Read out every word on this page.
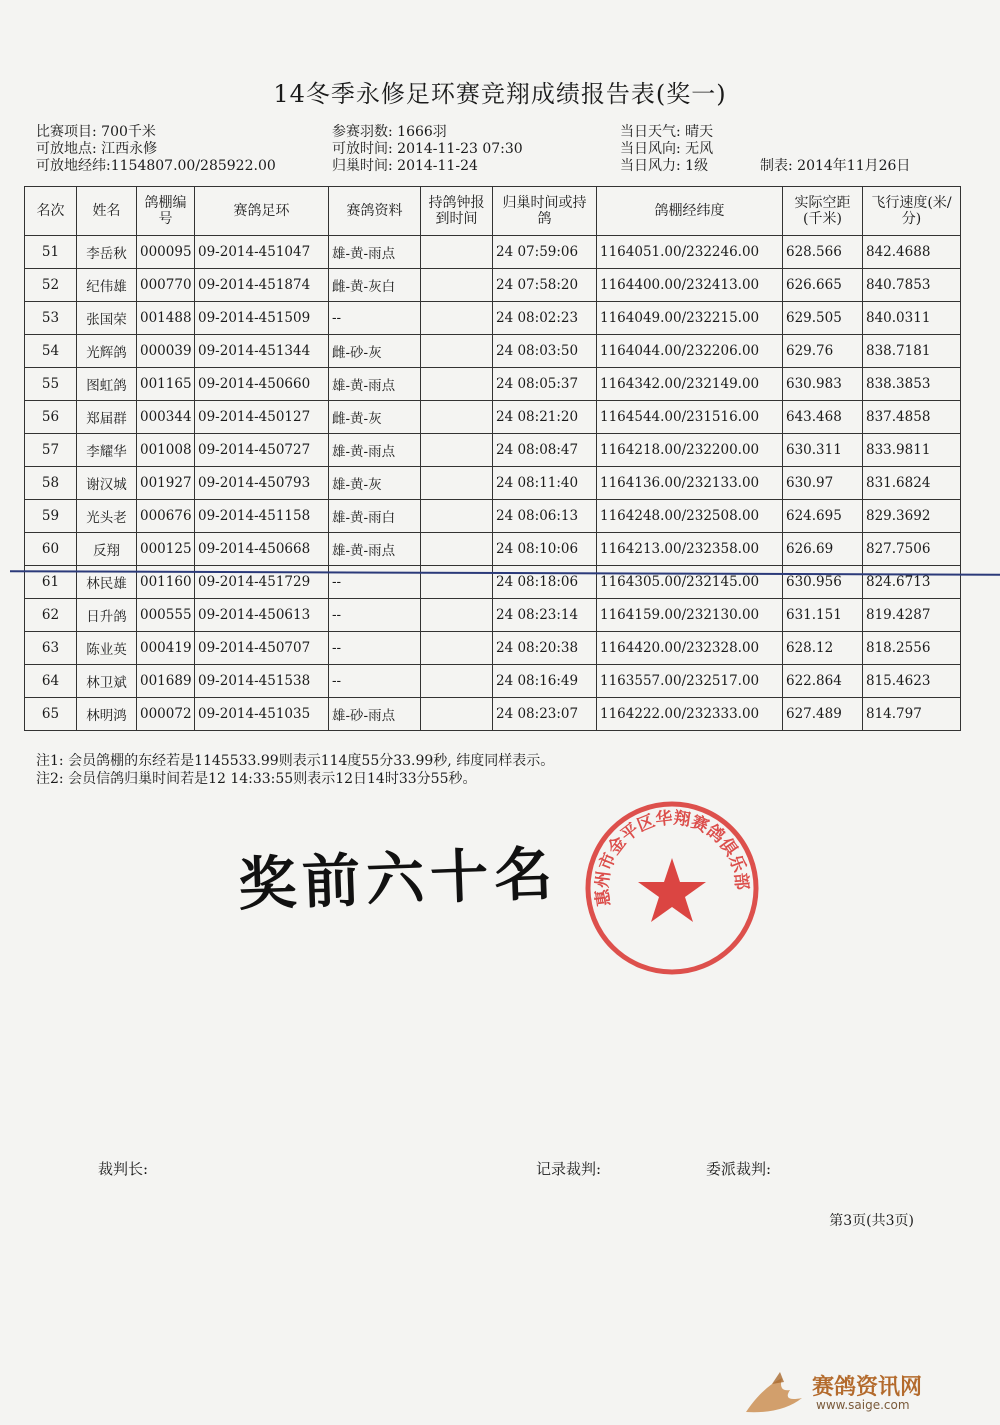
14冬季永修足环赛竞翔成绩报告表(奖一)
比赛项目: 700千米
可放地点: 江西永修
可放地经纬:1154807.00/285922.00
参赛羽数: 1666羽
可放时间: 2014-11-23 07:30
归巢时间: 2014-11-24
当日天气: 晴天
当日风向: 无风
当日风力: 1级	制表: 2014年11月26日
名次	姓名	鸽棚编号	赛鸽足环	赛鸽资料	持鸽钟报到时间	归巢时间或持鸽	鸽棚经纬度	实际空距(千米)	飞行速度(米/分)
51	李岳秋	000095	09-2014-451047	雄-黄-雨点		24 07:59:06	1164051.00/232246.00	628.566	842.4688
52	纪伟雄	000770	09-2014-451874	雌-黄-灰白		24 07:58:20	1164400.00/232413.00	626.665	840.7853
53	张国荣	001488	09-2014-451509	--		24 08:02:23	1164049.00/232215.00	629.505	840.0311
54	光辉鸽	000039	09-2014-451344	雌-砂-灰		24 08:03:50	1164044.00/232206.00	629.76	838.7181
55	图虹鸽	001165	09-2014-450660	雄-黄-雨点		24 08:05:37	1164342.00/232149.00	630.983	838.3853
56	郑届群	000344	09-2014-450127	雌-黄-灰		24 08:21:20	1164544.00/231516.00	643.468	837.4858
57	李耀华	001008	09-2014-450727	雄-黄-雨点		24 08:08:47	1164218.00/232200.00	630.311	833.9811
58	谢汉城	001927	09-2014-450793	雄-黄-灰		24 08:11:40	1164136.00/232133.00	630.97	831.6824
59	光头老	000676	09-2014-451158	雄-黄-雨白		24 08:06:13	1164248.00/232508.00	624.695	829.3692
60	反翔	000125	09-2014-450668	雄-黄-雨点		24 08:10:06	1164213.00/232358.00	626.69	827.7506
61	林民雄	001160	09-2014-451729	--		24 08:18:06	1164305.00/232145.00	630.956	824.6713
62	日升鸽	000555	09-2014-450613	--		24 08:23:14	1164159.00/232130.00	631.151	819.4287
63	陈业英	000419	09-2014-450707	--		24 08:20:38	1164420.00/232328.00	628.12	818.2556
64	林卫斌	001689	09-2014-451538	--		24 08:16:49	1163557.00/232517.00	622.864	815.4623
65	林明鸿	000072	09-2014-451035	雄-砂-雨点		24 08:23:07	1164222.00/232333.00	627.489	814.797
注1: 会员鸽棚的东经若是1145533.99则表示114度55分33.99秒, 纬度同样表示。
注2: 会员信鸽归巢时间若是12 14:33:55则表示12日14时33分55秒。
奖前六十名 惠州市金平区华翔赛鸽俱乐部
裁判长:	记录裁判:	委派裁判:
第3页(共3页)
赛鸽资讯网
www.saige.com
